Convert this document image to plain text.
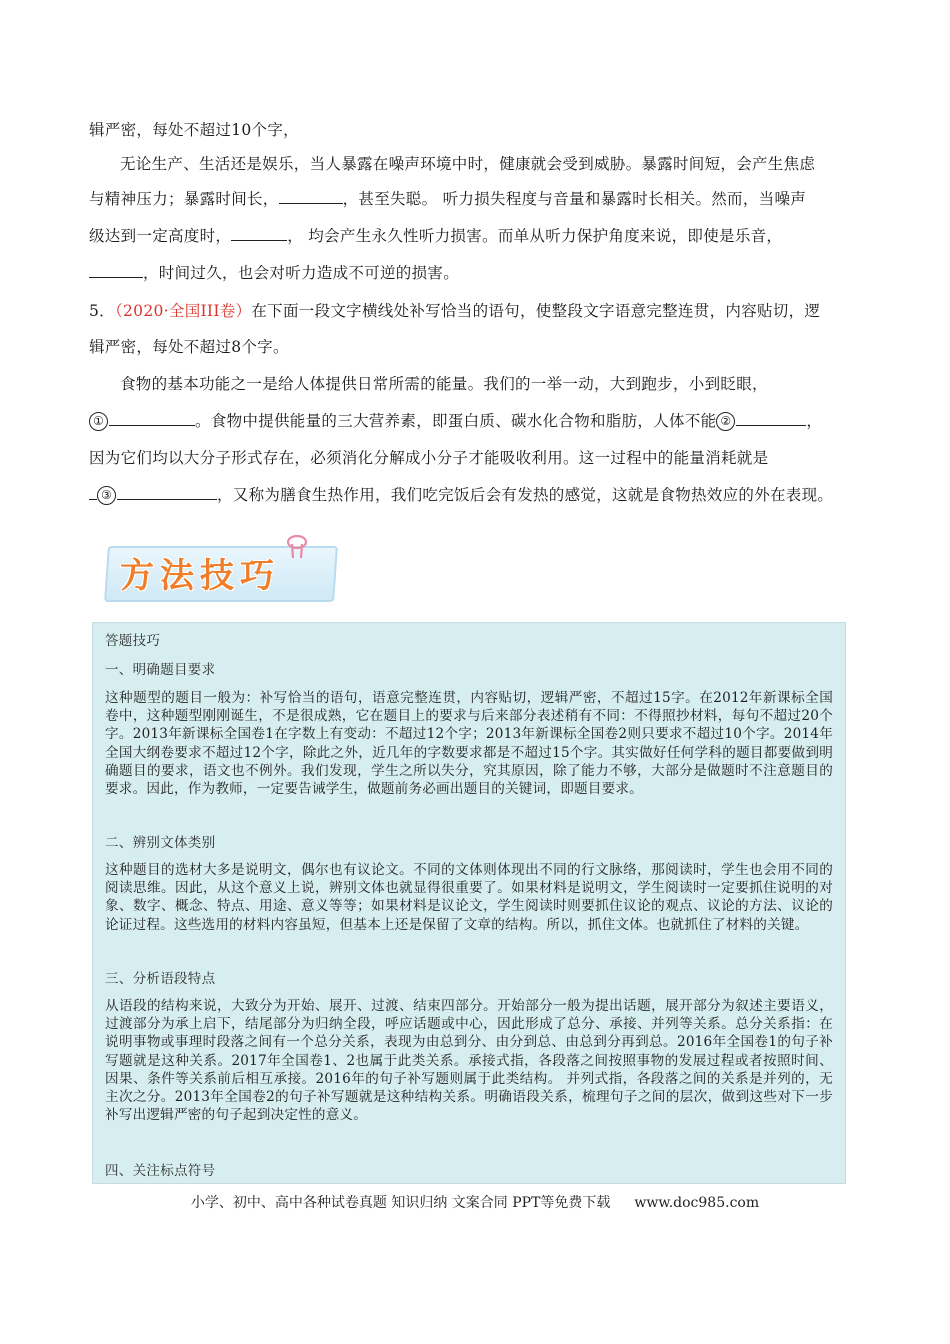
辑严密，每处不超过10个字，
无论生产、生活还是娱乐，当人暴露在噪声环境中时，健康就会受到威胁。暴露时间短，会产生焦虑
与精神压力；暴露时间长，	，甚至失聪。 听力损失程度与音量和暴露时长相关。然而，当噪声
级达到一定高度时，	， 均会产生永久性听力损害。而单从听力保护角度来说，即使是乐音，
，时间过久，也会对听力造成不可逆的损害。
5．（2020·全国III卷）在下面一段文字横线处补写恰当的语句，使整段文字语意完整连贯，内容贴切，逻
辑严密，每处不超过8个字。
食物的基本功能之一是给人体提供日常所需的能量。我们的一举一动，大到跑步，小到眨眼，
①	。食物中提供能量的三大营养素，即蛋白质、碳水化合物和脂肪，人体不能 ②	，
因为它们均以大分子形式存在，必须消化分解成小分子才能吸收利用。这一过程中的能量消耗就是
③	，又称为膳食生热作用，我们吃完饭后会有发热的感觉，这就是食物热效应的外在表现。
方法技巧
答题技巧
一、明确题目要求
这种题型的题目一般为：补写恰当的语句，语意完整连贯，内容贴切，逻辑严密，不超过15字。在2012年新课标全国卷中，这种题型刚刚诞生，不是很成熟，它在题目上的要求与后来部分表述稍有不同：不得照抄材料，每句不超过20个字。2013年新课标全国卷1在字数上有变动：不超过12个字；2013年新课标全国卷2则只要求不超过10个字。2014年全国大纲卷要求不超过12个字，除此之外，近几年的字数要求都是不超过15个字。其实做好任何学科的题目都要做到明确题目的要求，语文也不例外。我们发现，学生之所以失分，究其原因，除了能力不够，大部分是做题时不注意题目的要求。因此，作为教师，一定要告诫学生，做题前务必画出题目的关键词，即题目要求。
二、辨别文体类别
这种题目的选材大多是说明文，偶尔也有议论文。不同的文体则体现出不同的行文脉络，那阅读时，学生也会用不同的阅读思维。因此，从这个意义上说，辨别文体也就显得很重要了。如果材料是说明文，学生阅读时一定要抓住说明的对象、数字、概念、特点、用途、意义等等；如果材料是议论文，学生阅读时则要抓住议论的观点、议论的方法、议论的论证过程。这些选用的材料内容虽短，但基本上还是保留了文章的结构。所以，抓住文体。也就抓住了材料的关键。
三、分析语段特点
从语段的结构来说，大致分为开始、展开、过渡、结束四部分。开始部分一般为提出话题，展开部分为叙述主要语义，过渡部分为承上启下，结尾部分为归纳全段，呼应话题或中心，因此形成了总分、承接、并列等关系。总分关系指：在说明事物或事理时段落之间有一个总分关系，表现为由总到分、由分到总、由总到分再到总。2016年全国卷1的句子补写题就是这种关系。2017年全国卷1、2也属于此类关系。承接式指，各段落之间按照事物的发展过程或者按照时间、因果、条件等关系前后相互承接。2016年的句子补写题则属于此类结构。 并列式指，各段落之间的关系是并列的，无主次之分。2013年全国卷2的句子补写题就是这种结构关系。明确语段关系，梳理句子之间的层次，做到这些对下一步补写出逻辑严密的句子起到决定性的意义。
四、关注标点符号
小学、初中、高中各种试卷真题 知识归纳 文案合同 PPT等免费下载 www.doc985.com
